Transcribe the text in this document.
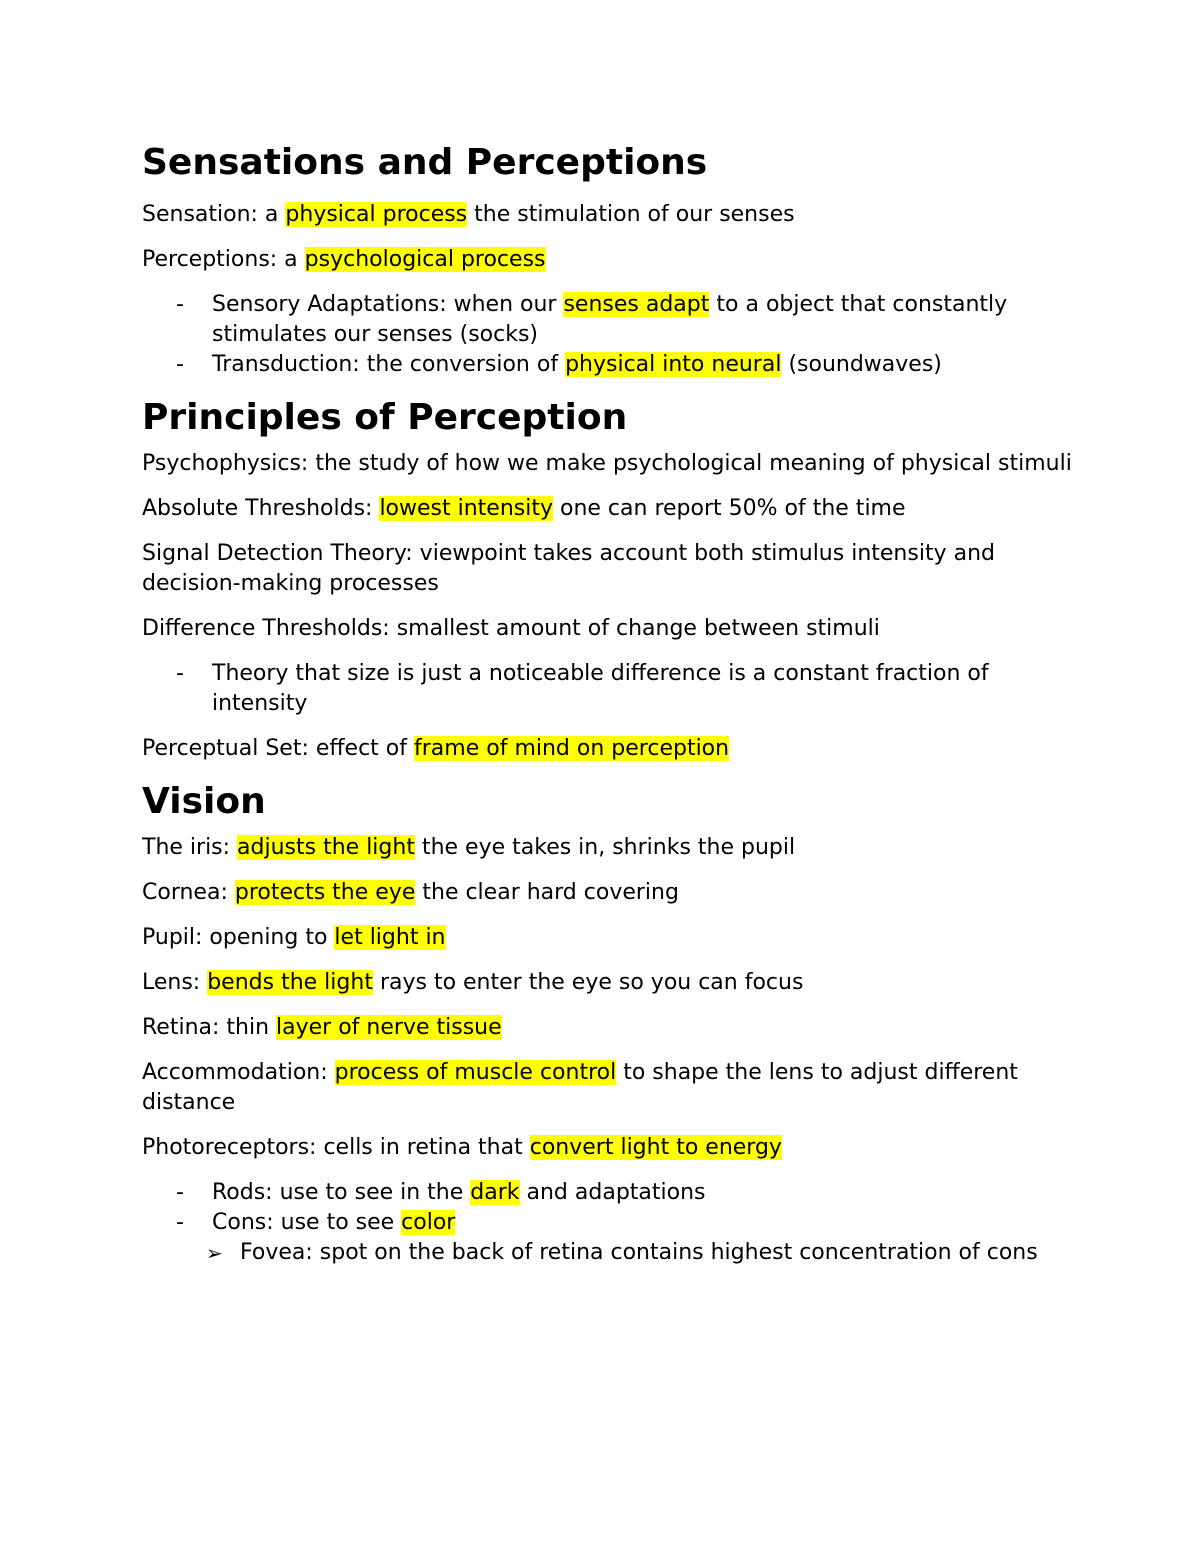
Sensations and Perceptions

Sensation: a physical process the stimulation of our senses

Perceptions: a psychological process

- Sensory Adaptations: when our senses adapt to a object that constantly stimulates our senses (socks)
- Transduction: the conversion of physical into neural (soundwaves)
Principles of Perception

Psychophysics: the study of how we make psychological meaning of physical stimuli

Absolute Thresholds: lowest intensity one can report 50% of the time

Signal Detection Theory: viewpoint takes account both stimulus intensity and decision-making processes

Difference Thresholds: smallest amount of change between stimuli

- Theory that size is just a noticeable difference is a constant fraction of intensity

Perceptual Set: effect of frame of mind on perception

Vision

The iris: adjusts the light the eye takes in, shrinks the pupil

Cornea: protects the eye the clear hard covering

Pupil: opening to let light in

Lens: bends the light rays to enter the eye so you can focus

Retina: thin layer of nerve tissue

Accommodation: process of muscle control to shape the lens to adjust different distance

Photoreceptors: cells in retina that convert light to energy

- Rods: use to see in the dark and adaptations
- Cons: use to see color
➢ Fovea: spot on the back of retina contains highest concentration of cons
